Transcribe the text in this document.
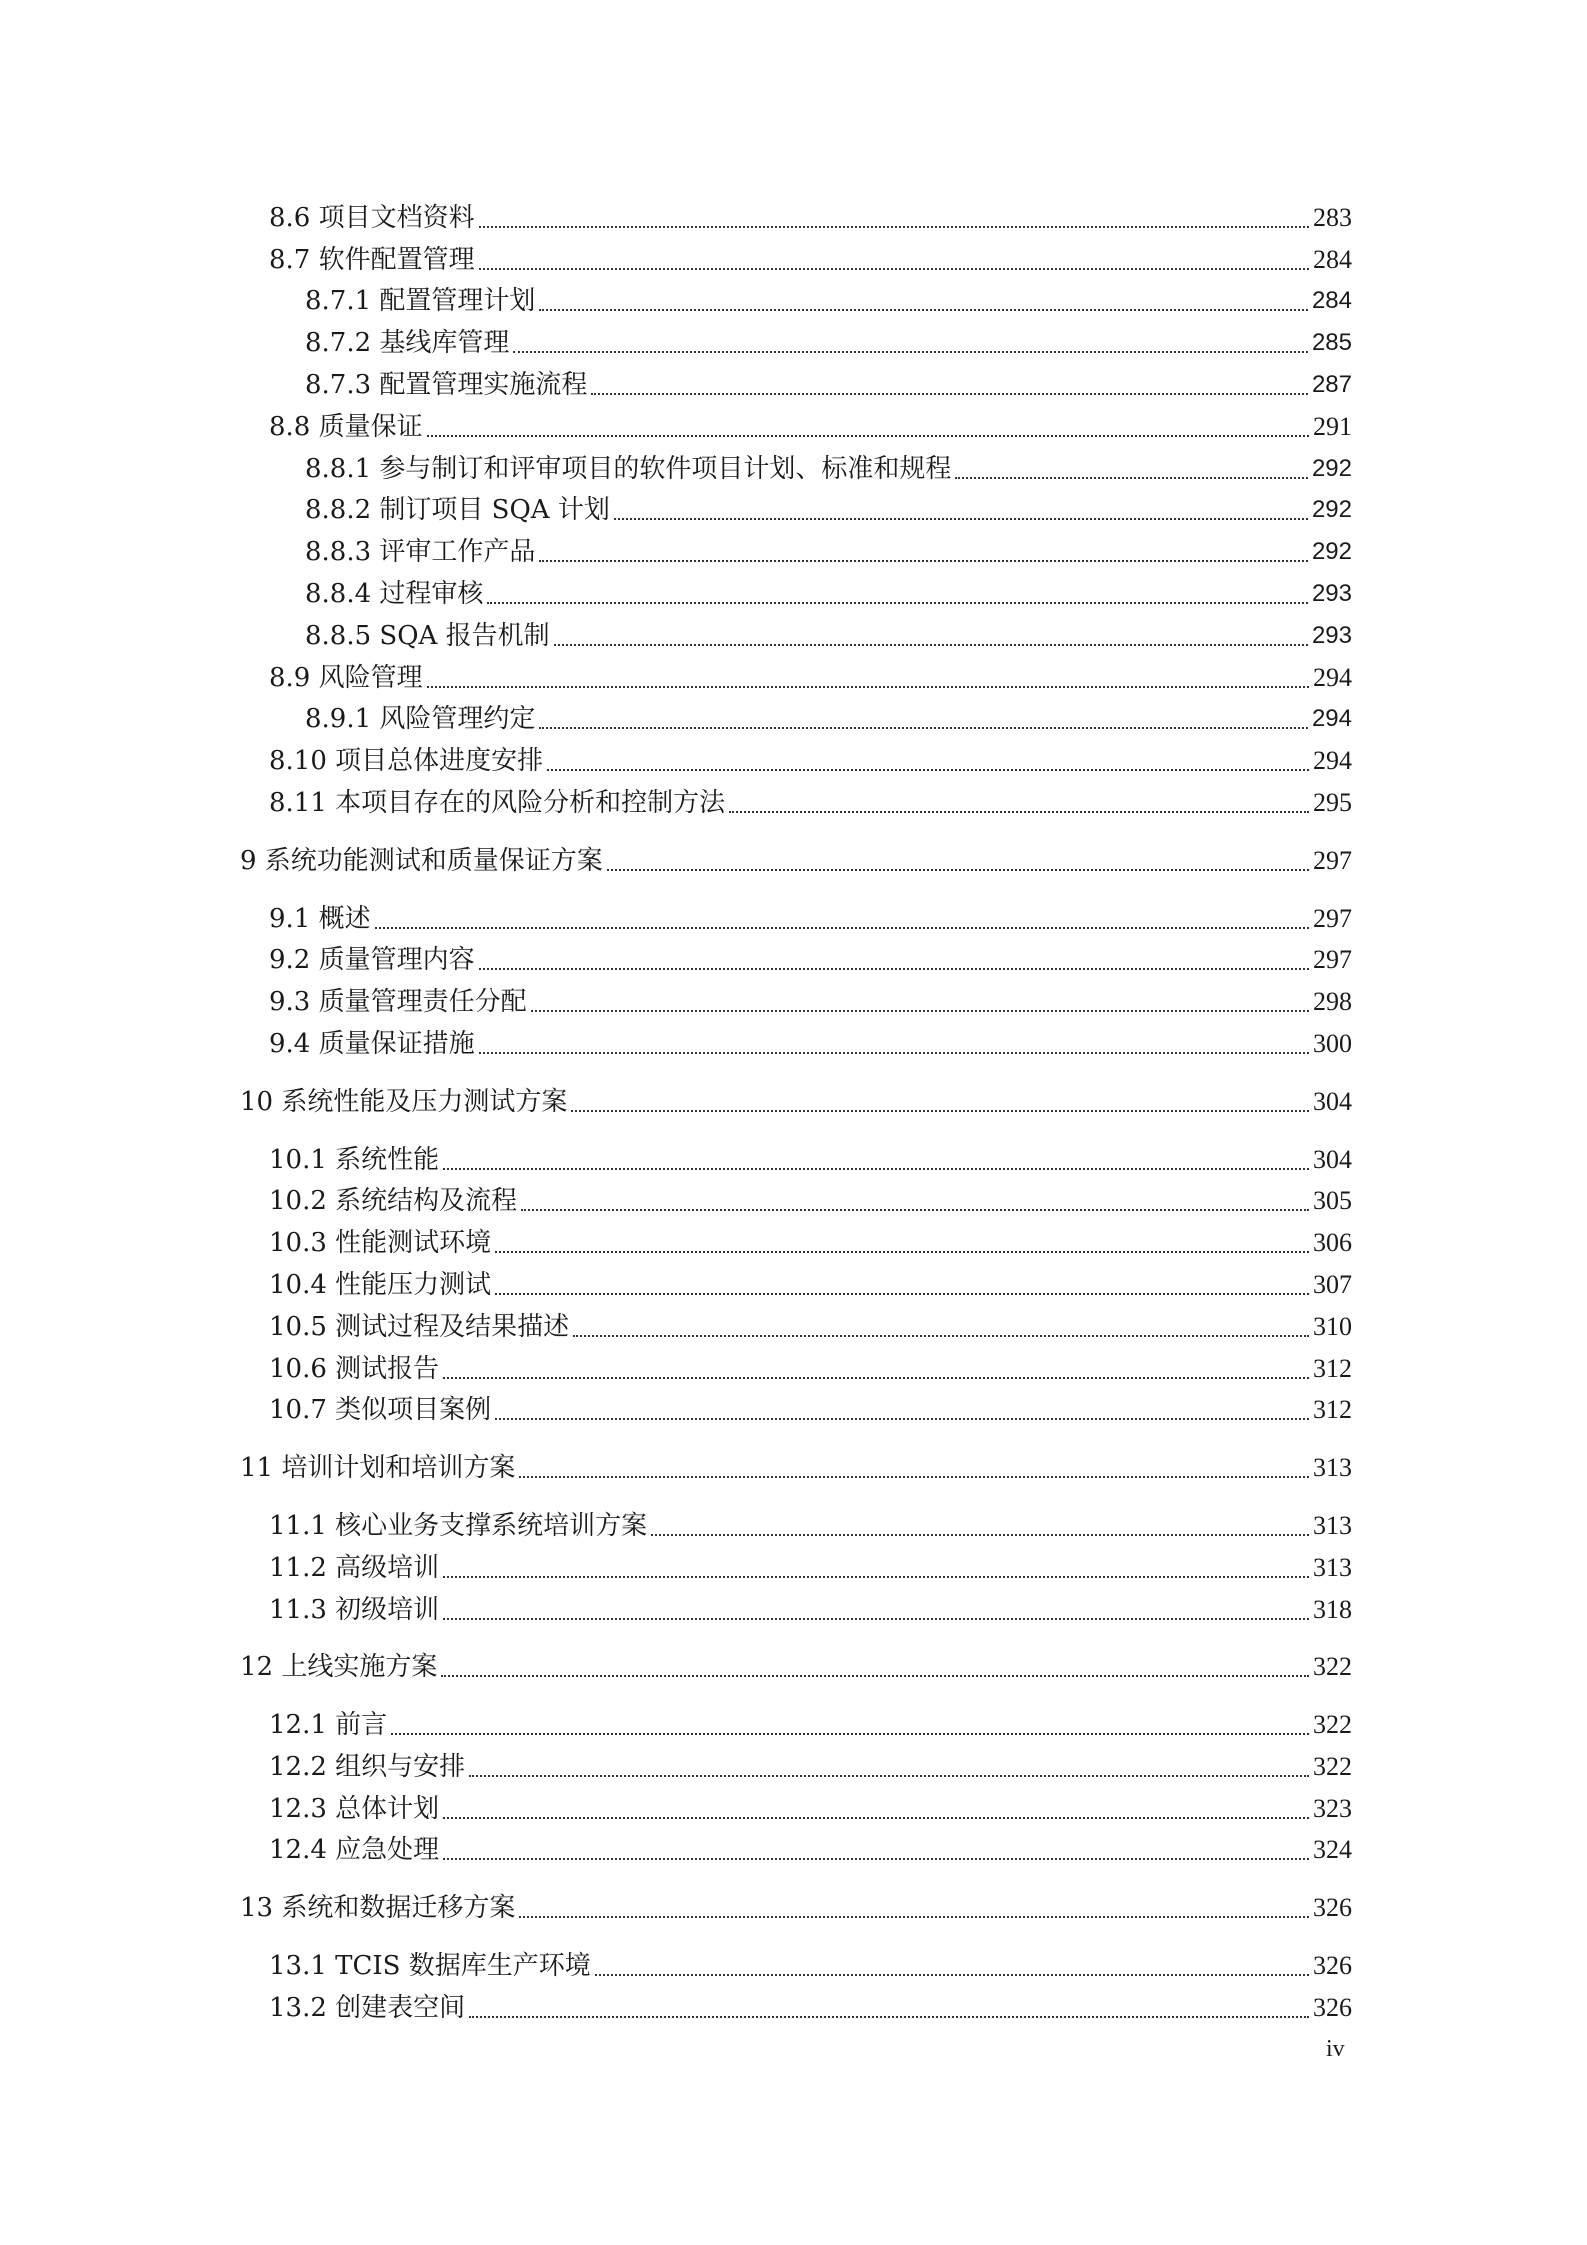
8.6 项目文档资料	283
8.7 软件配置管理	284
8.7.1 配置管理计划	284
8.7.2 基线库管理	285
8.7.3 配置管理实施流程	287
8.8 质量保证	291
8.8.1 参与制订和评审项目的软件项目计划、标准和规程	292
8.8.2 制订项目 SQA 计划	292
8.8.3 评审工作产品	292
8.8.4 过程审核	293
8.8.5 SQA 报告机制	293
8.9 风险管理	294
8.9.1 风险管理约定	294
8.10 项目总体进度安排	294
8.11 本项目存在的风险分析和控制方法	295
9 系统功能测试和质量保证方案	297
9.1 概述	297
9.2 质量管理内容	297
9.3 质量管理责任分配	298
9.4 质量保证措施	300
10 系统性能及压力测试方案	304
10.1 系统性能	304
10.2 系统结构及流程	305
10.3 性能测试环境	306
10.4 性能压力测试	307
10.5 测试过程及结果描述	310
10.6 测试报告	312
10.7 类似项目案例	312
11 培训计划和培训方案	313
11.1 核心业务支撑系统培训方案	313
11.2 高级培训	313
11.3 初级培训	318
12 上线实施方案	322
12.1 前言	322
12.2 组织与安排	322
12.3 总体计划	323
12.4 应急处理	324
13 系统和数据迁移方案	326
13.1 TCIS 数据库生产环境	326
13.2 创建表空间	326
iv
